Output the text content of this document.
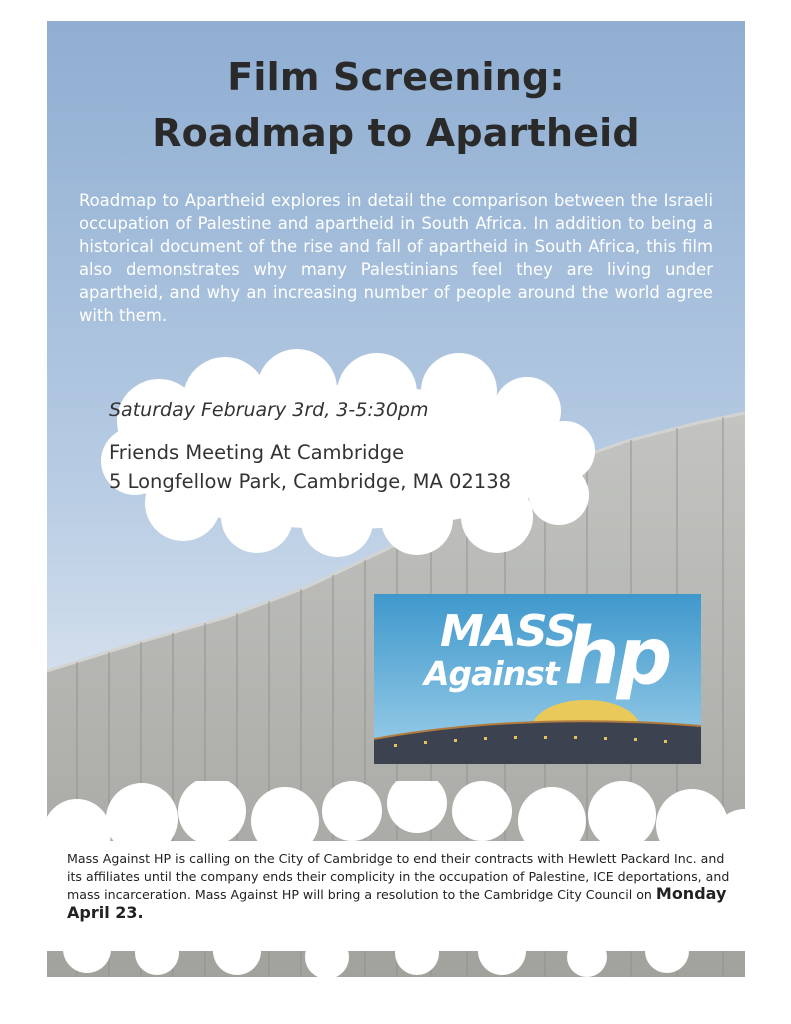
Film Screening:
Roadmap to Apartheid
Roadmap to Apartheid explores in detail the comparison between the Israeli occupation of Palestine and apartheid in South Africa. In addition to being a historical document of the rise and fall of apartheid in South Africa, this film also demonstrates why many Palestinians feel they are living under apartheid, and why an increasing number of people around the world agree with them.
Saturday February 3rd, 3-5:30pm
Friends Meeting At Cambridge
5 Longfellow Park, Cambridge, MA 02138
MASS
Against hp
Mass Against HP is calling on the City of Cambridge to end their contracts with Hewlett Packard Inc. and its affiliates until the company ends their complicity in the occupation of Palestine, ICE deportations, and mass incarceration. Mass Against HP will bring a resolution to the Cambridge City Council on Monday April 23.
